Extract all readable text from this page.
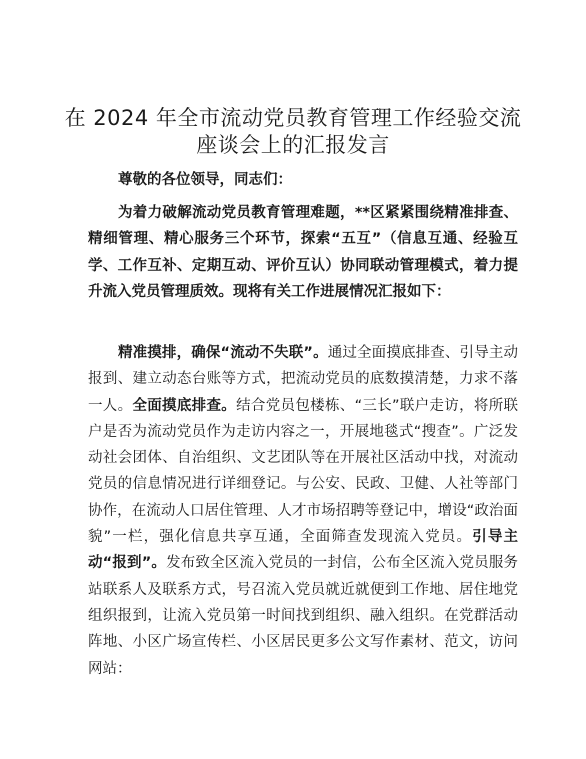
在 2024 年全市流动党员教育管理工作经验交流
座谈会上的汇报发言

尊敬的各位领导，同志们：

为着力破解流动党员教育管理难题，**区紧紧围绕精准排查、精细管理、精心服务三个环节，探索“五互”（信息互通、经验互学、工作互补、定期互动、评价互认）协同联动管理模式，着力提升流入党员管理质效。现将有关工作进展情况汇报如下：

精准摸排，确保“流动不失联”。通过全面摸底排查、引导主动报到、建立动态台账等方式，把流动党员的底数摸清楚，力求不落一人。全面摸底排查。结合党员包楼栋、“三长”联户走访，将所联户是否为流动党员作为走访内容之一，开展地毯式“搜查”。广泛发动社会团体、自治组织、文艺团队等在开展社区活动中找，对流动党员的信息情况进行详细登记。与公安、民政、卫健、人社等部门协作，在流动人口居住管理、人才市场招聘等登记中，增设“政治面貌”一栏，强化信息共享互通，全面筛查发现流入党员。引导主动“报到”。发布致全区流入党员的一封信，公布全区流入党员服务站联系人及联系方式，号召流入党员就近就便到工作地、居住地党组织报到，让流入党员第一时间找到组织、融入组织。在党群活动阵地、小区广场宣传栏、小区居民更多公文写作素材、范文，访问网站：
